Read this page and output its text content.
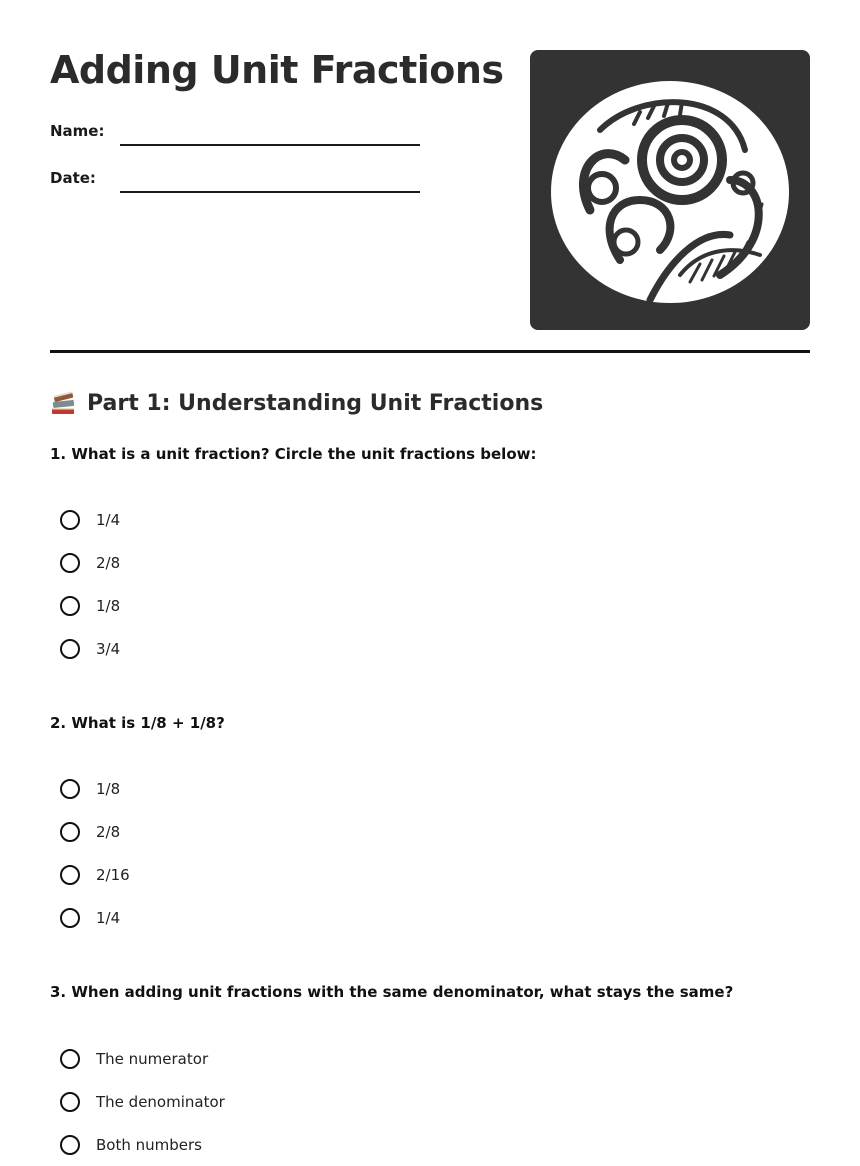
Adding Unit Fractions
Name:
Date:
Part 1: Understanding Unit Fractions
1. What is a unit fraction? Circle the unit fractions below:
1/4
2/8
1/8
3/4
2. What is 1/8 + 1/8?
1/8
2/8
2/16
1/4
3. When adding unit fractions with the same denominator, what stays the same?
The numerator
The denominator
Both numbers
